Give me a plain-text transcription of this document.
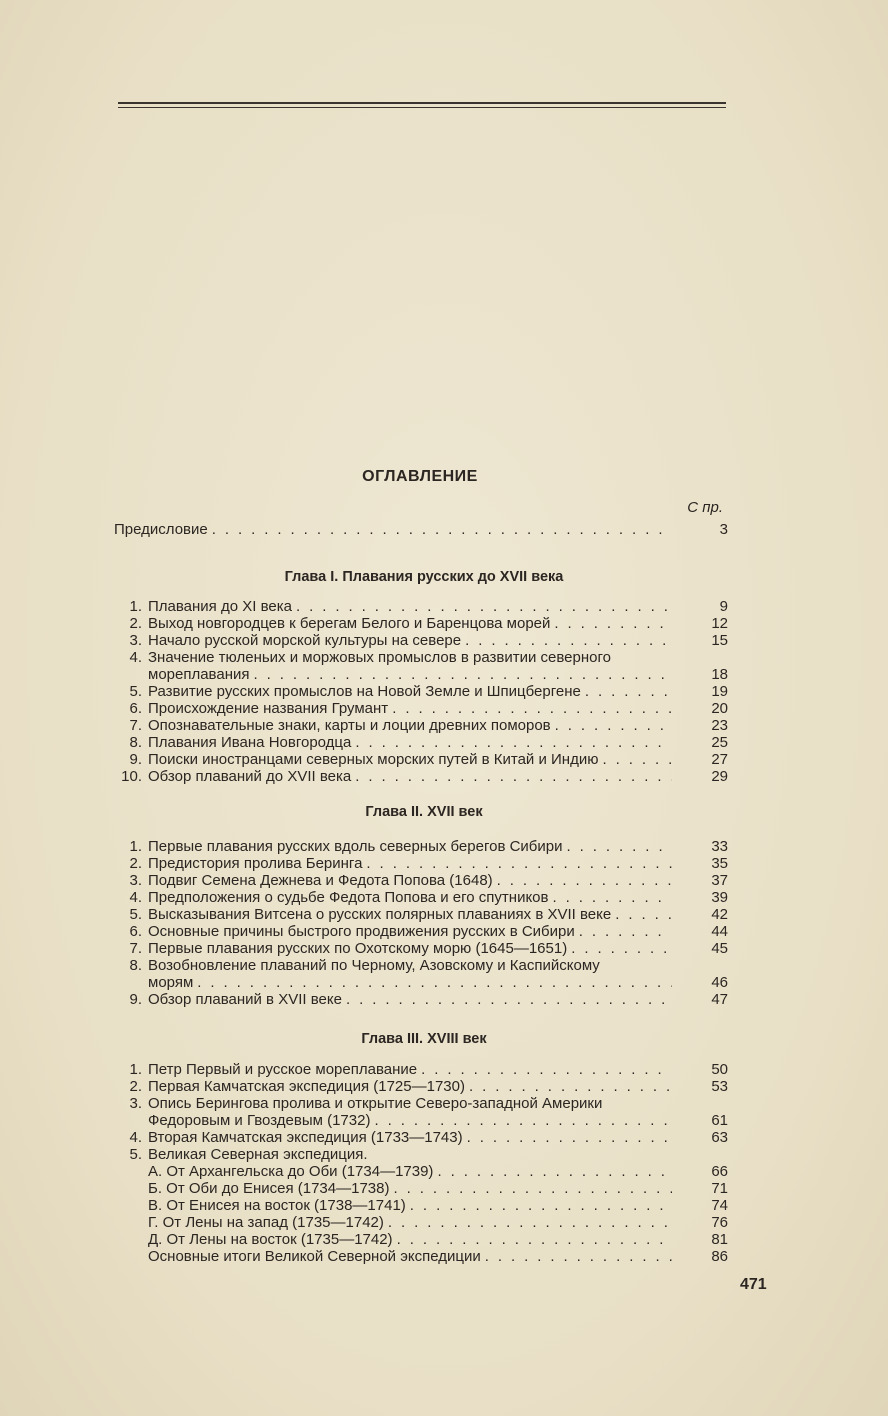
ОГЛАВЛЕНИЕ
С пр.
Предисловие . . .	3
Глава I. Плавания русских до XVII века
1. Плавания до XI века . . .	9
2. Выход новгородцев к берегам Белого и Баренцова морей . . .	12
3. Начало русской морской культуры на севере . . .	15
4. Значение тюленьих и моржовых промыслов в развитии северного
мореплавания . . .	18
5. Развитие русских промыслов на Новой Земле и Шпицбергене . . .	19
6. Происхождение названия Грумант . . .	20
7. Опознавательные знаки, карты и лоции древних поморов . . .	23
8. Плавания Ивана Новгородца . . .	25
9. Поиски иностранцами северных морских путей в Китай и Индию . . .	27
10. Обзор плаваний до XVII века . . .	29
Глава II. XVII век
1. Первые плавания русских вдоль северных берегов Сибири . . .	33
2. Предистория пролива Беринга . . .	35
3. Подвиг Семена Дежнева и Федота Попова (1648) . . .	37
4. Предположения о судьбе Федота Попова и его спутников . . .	39
5. Высказывания Витсена о русских полярных плаваниях в XVII веке . . .	42
6. Основные причины быстрого продвижения русских в Сибири . . .	44
7. Первые плавания русских по Охотскому морю (1645—1651) . . .	45
8. Возобновление плаваний по Черному, Азовскому и Каспийскому
морям . . .	46
9. Обзор плаваний в XVII веке . . .	47
Глава III. XVIII век
1. Петр Первый и русское мореплавание . . .	50
2. Первая Камчатская экспедиция (1725—1730) . . .	53
3. Опись Берингова пролива и открытие Северо-западной Америки
Федоровым и Гвоздевым (1732) . . .	61
4. Вторая Камчатская экспедиция (1733—1743) . . .	63
5. Великая Северная экспедиция.
А. От Архангельска до Оби (1734—1739) . . .	66
Б. От Оби до Енисея (1734—1738) . . .	71
В. От Енисея на восток (1738—1741) . . .	74
Г. От Лены на запад (1735—1742) . . .	76
Д. От Лены на восток (1735—1742) . . .	81
Основные итоги Великой Северной экспедиции . . .	86
471
